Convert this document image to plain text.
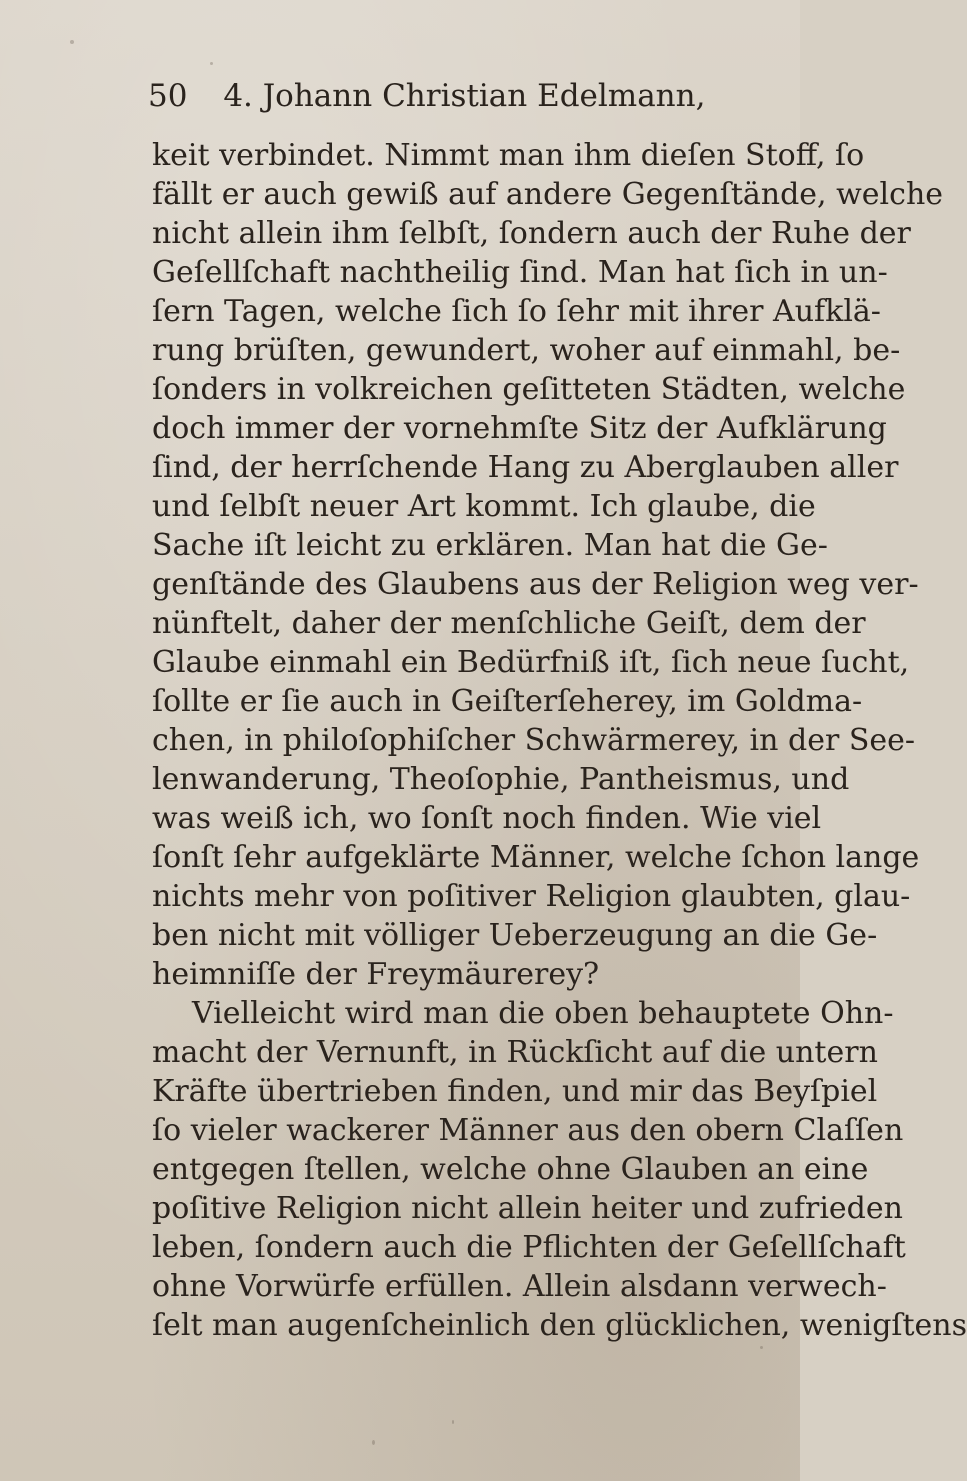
50 4. Johann Christian Edelmann,
keit verbindet. Nimmt man ihm dieſen Stoff, ſo
fällt er auch gewiß auf andere Gegenſtände, welche
nicht allein ihm ſelbſt, ſondern auch der Ruhe der
Geſellſchaft nachtheilig ſind. Man hat ſich in un-
ſern Tagen, welche ſich ſo ſehr mit ihrer Aufklä-
rung brüſten, gewundert, woher auf einmahl, be-
ſonders in volkreichen geſitteten Städten, welche
doch immer der vornehmſte Sitz der Aufklärung
ſind, der herrſchende Hang zu Aberglauben aller
und ſelbſt neuer Art kommt. Ich glaube, die
Sache iſt leicht zu erklären. Man hat die Ge-
genſtände des Glaubens aus der Religion weg ver-
nünftelt, daher der menſchliche Geiſt, dem der
Glaube einmahl ein Bedürfniß iſt, ſich neue ſucht,
ſollte er ſie auch in Geiſterſeherey, im Goldma-
chen, in philoſophiſcher Schwärmerey, in der See-
lenwanderung, Theoſophie, Pantheismus, und
was weiß ich, wo ſonſt noch finden. Wie viel
ſonſt ſehr aufgeklärte Männer, welche ſchon lange
nichts mehr von poſitiver Religion glaubten, glau-
ben nicht mit völliger Ueberzeugung an die Ge-
heimniſſe der Freymäurerey?
Vielleicht wird man die oben behauptete Ohn-
macht der Vernunft, in Rückſicht auf die untern
Kräfte übertrieben finden, und mir das Beyſpiel
ſo vieler wackerer Männer aus den obern Claſſen
entgegen ſtellen, welche ohne Glauben an eine
poſitive Religion nicht allein heiter und zufrieden
leben, ſondern auch die Pflichten der Geſellſchaft
ohne Vorwürfe erfüllen. Allein alsdann verwech-
ſelt man augenſcheinlich den glücklichen, wenigſtens
